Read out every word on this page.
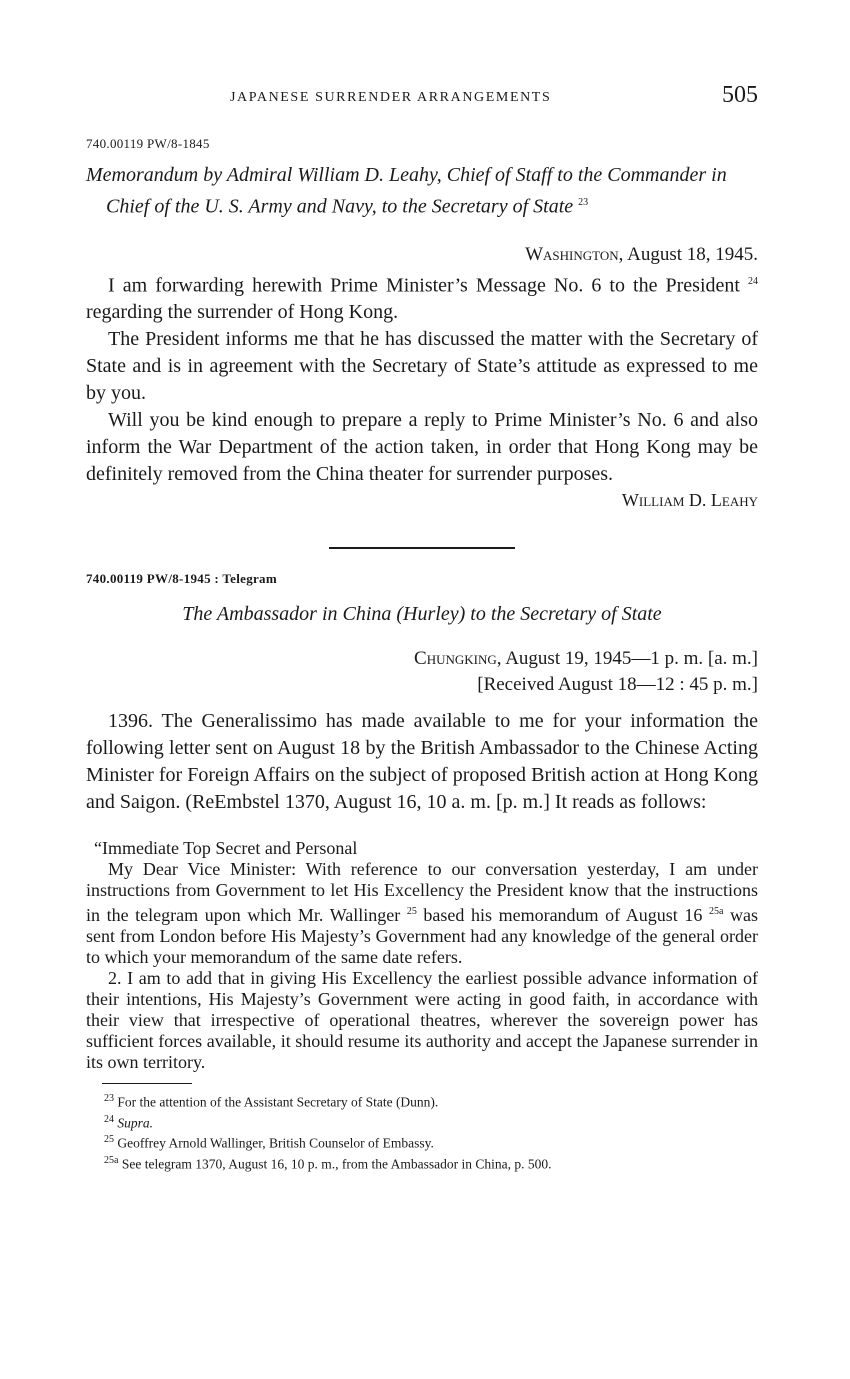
JAPANESE SURRENDER ARRANGEMENTS	505
740.00119 PW/8-1845
Memorandum by Admiral William D. Leahy, Chief of Staff to the Commander in Chief of the U. S. Army and Navy, to the Secretary of State $^{23}$
Washington, August 18, 1945.

I am forwarding herewith Prime Minister’s Message No. 6 to the President $^{24}$ regarding the surrender of Hong Kong.

The President informs me that he has discussed the matter with the Secretary of State and is in agreement with the Secretary of State’s attitude as expressed to me by you.

Will you be kind enough to prepare a reply to Prime Minister’s No. 6 and also inform the War Department of the action taken, in order that Hong Kong may be definitely removed from the China theater for surrender purposes.

William D. Leahy
740.00119 PW/8-1945 : Telegram
The Ambassador in China (Hurley) to the Secretary of State
Chungking, August 19, 1945—1 p. m. [a. m.]
[Received August 18—12 : 45 p. m.]

1396. The Generalissimo has made available to me for your information the following letter sent on August 18 by the British Ambassador to the Chinese Acting Minister for Foreign Affairs on the subject of proposed British action at Hong Kong and Saigon. (ReEmbstel 1370, August 16, 10 a. m. [p. m.] It reads as follows:

“Immediate Top Secret and Personal

My Dear Vice Minister: With reference to our conversation yesterday, I am under instructions from Government to let His Excellency the President know that the instructions in the telegram upon which Mr. Wallinger $^{25}$ based his memorandum of August 16 $^{25a}$ was sent from London before His Majesty’s Government had any knowledge of the general order to which your memorandum of the same date refers.

2. I am to add that in giving His Excellency the earliest possible advance information of their intentions, His Majesty’s Government were acting in good faith, in accordance with their view that irrespective of operational theatres, wherever the sovereign power has sufficient forces available, it should resume its authority and accept the Japanese surrender in its own territory.

$^{23}$ For the attention of the Assistant Secretary of State (Dunn).
$^{24}$ Supra.
$^{25}$ Geoffrey Arnold Wallinger, British Counselor of Embassy.
$^{25a}$ See telegram 1370, August 16, 10 p. m., from the Ambassador in China, p. 500.
